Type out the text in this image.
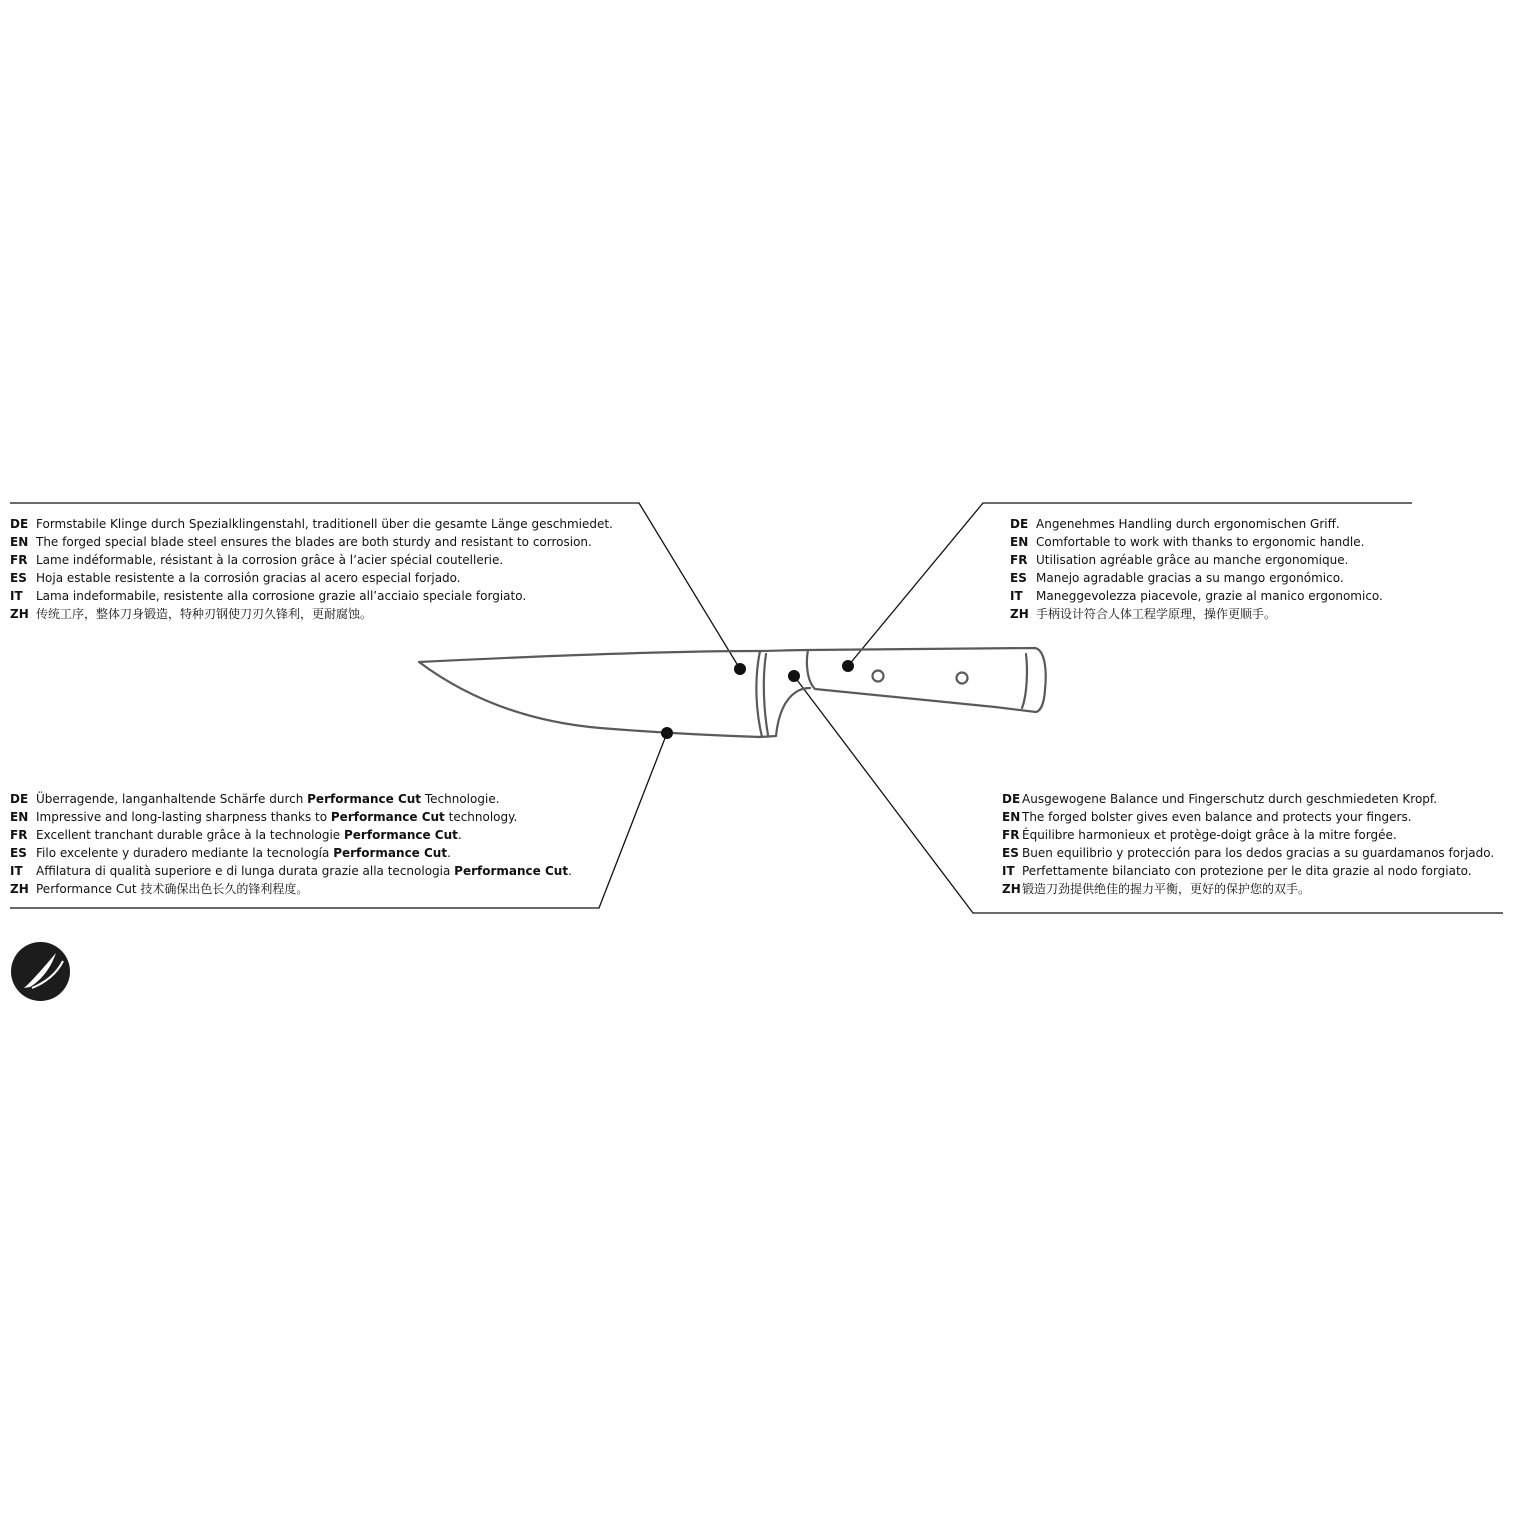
DE Formstabile Klinge durch Spezialklingenstahl, traditionell über die gesamte Länge geschmiedet.
EN The forged special blade steel ensures the blades are both sturdy and resistant to corrosion.
FR Lame indéformable, résistant à la corrosion grâce à l’acier spécial coutellerie.
ES Hoja estable resistente a la corrosión gracias al acero especial forjado.
IT	Lama indeformabile, resistente alla corrosione grazie all’acciaio speciale forgiato.
ZH 传统工序，整体刀身锻造，特种刃钢使刀刃久锋利，更耐腐蚀。
DE Angenehmes Handling durch ergonomischen Griff.
EN Comfortable to work with thanks to ergonomic handle.
FR Utilisation agréable grâce au manche ergonomique.
ES Manejo agradable gracias a su mango ergonómico.
IT	Maneggevolezza piacevole, grazie al manico ergonomico.
ZH 手柄设计符合人体工程学原理，操作更顺手。
DE Überragende, langanhaltende Schärfe durch Performance Cut Technologie.
EN Impressive and long-lasting sharpness thanks to Performance Cut technology.
FR Excellent tranchant durable grâce à la technologie Performance Cut.
ES Filo excelente y duradero mediante la tecnología Performance Cut.
IT	Affilatura di qualità superiore e di lunga durata grazie alla tecnologia Performance Cut.
ZH Performance Cut 技术确保出色长久的锋利程度。
DE Ausgewogene Balance und Fingerschutz durch geschmiedeten Kropf.
EN The forged bolster gives even balance and protects your fingers.
FR Équilibre harmonieux et protège-doigt grâce à la mitre forgée.
ES Buen equilibrio y protección para los dedos gracias a su guardamanos forjado.
IT Perfettamente bilanciato con protezione per le dita grazie al nodo forgiato.
ZH 锻造刀劲提供绝佳的握力平衡，更好的保护您的双手。
